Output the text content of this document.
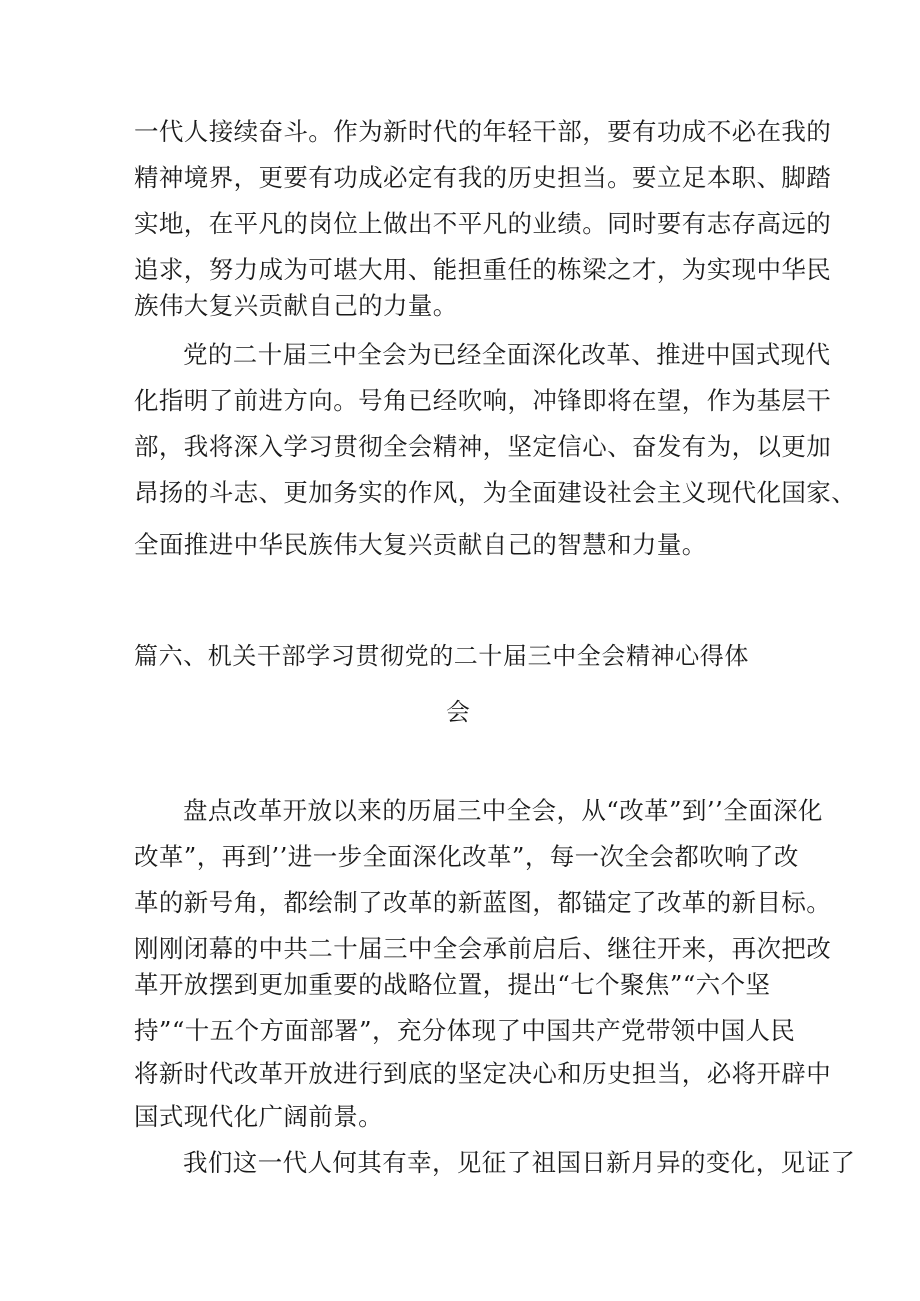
一代人接续奋斗。作为新时代的年轻干部，要有功成不必在我的
精神境界，更要有功成必定有我的历史担当。要立足本职、脚踏
实地，在平凡的岗位上做出不平凡的业绩。同时要有志存高远的
追求，努力成为可堪大用、能担重任的栋梁之才，为实现中华民
族伟大复兴贡献自己的力量。
党的二十届三中全会为已经全面深化改革、推进中国式现代
化指明了前进方向。号角已经吹响，冲锋即将在望，作为基层干
部，我将深入学习贯彻全会精神，坚定信心、奋发有为，以更加
昂扬的斗志、更加务实的作风，为全面建设社会主义现代化国家、
全面推进中华民族伟大复兴贡献自己的智慧和力量。
篇六、机关干部学习贯彻党的二十届三中全会精神心得体
会
盘点改革开放以来的历届三中全会，从“改革”到’’全面深化
改革”，再到’’进一步全面深化改革”，每一次全会都吹响了改
革的新号角，都绘制了改革的新蓝图，都锚定了改革的新目标。
刚刚闭幕的中共二十届三中全会承前启后、继往开来，再次把改
革开放摆到更加重要的战略位置，提出“七个聚焦”“六个坚
持”“十五个方面部署”，充分体现了中国共产党带领中国人民
将新时代改革开放进行到底的坚定决心和历史担当，必将开辟中
国式现代化广阔前景。
我们这一代人何其有幸，见征了祖国日新月异的变化，见证了
